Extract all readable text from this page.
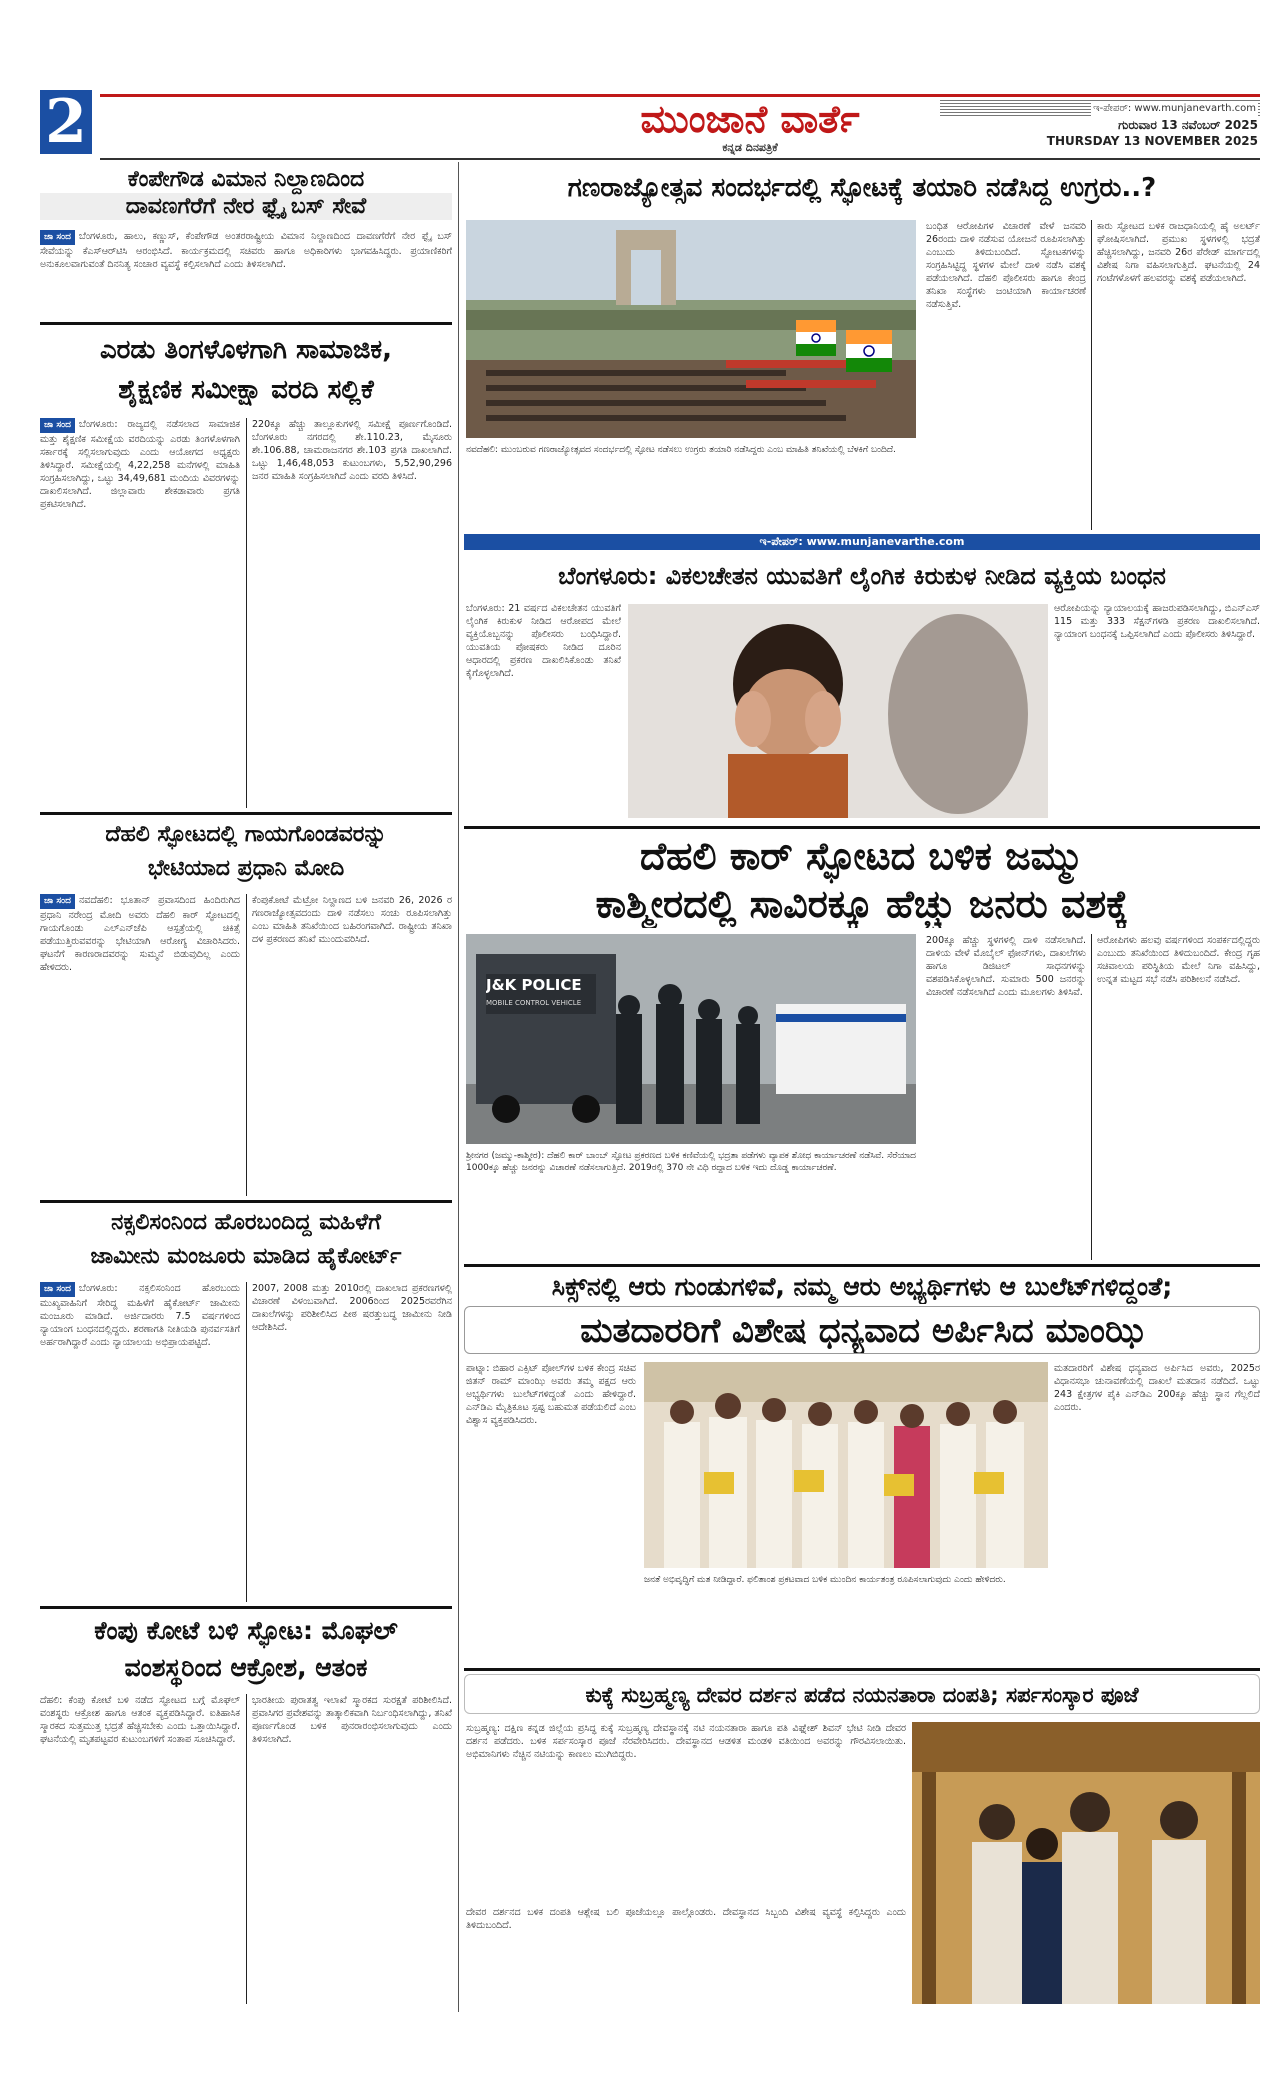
2	ಮುಂಜಾನೆ ವಾರ್ತೆ
ಕನ್ನಡ ದಿನಪತ್ರಿಕೆ
ಇ-ಪೇಪರ್: www.munjanevarth.com
ಗುರುವಾರ 13 ನವೆಂಬರ್ 2025
THURSDAY 13 NOVEMBER 2025
ಕೆಂಪೇಗೌಡ ವಿಮಾನ ನಿಲ್ದಾಣದಿಂದ
ದಾವಣಗೆರೆಗೆ ನೇರ ಫ್ಲೈ ಬಸ್ ಸೇವೆ
ಜಾ ಸಂದ ಬೆಂಗಳೂರು, ಹಾಲು, ಕಣ್ಣುಸ್, ಕೆಂಪೇಗೌಡ ಅಂತರರಾಷ್ಟ್ರೀಯ ವಿಮಾನ ನಿಲ್ದಾಣದಿಂದ ದಾವಣಗೆರೆಗೆ ನೇರ ಫ್ಲೈ ಬಸ್ ಸೇವೆಯನ್ನು ಕೆಎಸ್‌ಆರ್‌ಟಿಸಿ ಆರಂಭಿಸಿದೆ. ಕಾರ್ಯಕ್ರಮದಲ್ಲಿ ಸಚಿವರು ಹಾಗೂ ಅಧಿಕಾರಿಗಳು ಭಾಗವಹಿಸಿದ್ದರು. ಪ್ರಯಾಣಿಕರಿಗೆ ಅನುಕೂಲವಾಗುವಂತೆ ದಿನನಿತ್ಯ ಸಂಚಾರ ವ್ಯವಸ್ಥೆ ಕಲ್ಪಿಸಲಾಗಿದೆ ಎಂದು ತಿಳಿಸಲಾಗಿದೆ.
ಎರಡು ತಿಂಗಳೊಳಗಾಗಿ ಸಾಮಾಜಿಕ,
ಶೈಕ್ಷಣಿಕ ಸಮೀಕ್ಷಾ ವರದಿ ಸಲ್ಲಿಕೆ
ಜಾ ಸಂದ ಬೆಂಗಳೂರು: ರಾಜ್ಯದಲ್ಲಿ ನಡೆಸಲಾದ ಸಾಮಾಜಿಕ ಮತ್ತು ಶೈಕ್ಷಣಿಕ ಸಮೀಕ್ಷೆಯ ವರದಿಯನ್ನು ಎರಡು ತಿಂಗಳೊಳಗಾಗಿ ಸರ್ಕಾರಕ್ಕೆ ಸಲ್ಲಿಸಲಾಗುವುದು ಎಂದು ಆಯೋಗದ ಅಧ್ಯಕ್ಷರು ತಿಳಿಸಿದ್ದಾರೆ. ಸಮೀಕ್ಷೆಯಲ್ಲಿ 4,22,258 ಮನೆಗಳಲ್ಲಿ ಮಾಹಿತಿ ಸಂಗ್ರಹಿಸಲಾಗಿದ್ದು, ಒಟ್ಟು 34,49,681 ಮಂದಿಯ ವಿವರಗಳನ್ನು ದಾಖಲಿಸಲಾಗಿದೆ. ಜಿಲ್ಲಾವಾರು ಶೇಕಡಾವಾರು ಪ್ರಗತಿ ಪ್ರಕಟಿಸಲಾಗಿದೆ.
220ಕ್ಕೂ ಹೆಚ್ಚು ತಾಲ್ಲೂಕುಗಳಲ್ಲಿ ಸಮೀಕ್ಷೆ ಪೂರ್ಣಗೊಂಡಿದೆ. ಬೆಂಗಳೂರು ನಗರದಲ್ಲಿ ಶೇ.110.23, ಮೈಸೂರು ಶೇ.106.88, ಚಾಮರಾಜನಗರ ಶೇ.103 ಪ್ರಗತಿ ದಾಖಲಾಗಿದೆ. ಒಟ್ಟು 1,46,48,053 ಕುಟುಂಬಗಳು, 5,52,90,296 ಜನರ ಮಾಹಿತಿ ಸಂಗ್ರಹಿಸಲಾಗಿದೆ ಎಂದು ವರದಿ ತಿಳಿಸಿದೆ.
ದೆಹಲಿ ಸ್ಫೋಟದಲ್ಲಿ ಗಾಯಗೊಂಡವರನ್ನು
ಭೇಟಿಯಾದ ಪ್ರಧಾನಿ ಮೋದಿ
ಜಾ ಸಂದ ನವದೆಹಲಿ: ಭೂತಾನ್ ಪ್ರವಾಸದಿಂದ ಹಿಂದಿರುಗಿದ ಪ್ರಧಾನಿ ನರೇಂದ್ರ ಮೋದಿ ಅವರು ದೆಹಲಿ ಕಾರ್ ಸ್ಫೋಟದಲ್ಲಿ ಗಾಯಗೊಂಡು ಎಲ್‌ಎನ್‌ಜೆಪಿ ಆಸ್ಪತ್ರೆಯಲ್ಲಿ ಚಿಕಿತ್ಸೆ ಪಡೆಯುತ್ತಿರುವವರನ್ನು ಭೇಟಿಯಾಗಿ ಆರೋಗ್ಯ ವಿಚಾರಿಸಿದರು. ಘಟನೆಗೆ ಕಾರಣರಾದವರನ್ನು ಸುಮ್ಮನೆ ಬಿಡುವುದಿಲ್ಲ ಎಂದು ಹೇಳಿದರು.
ಕೆಂಪುಕೋಟೆ ಮೆಟ್ರೋ ನಿಲ್ದಾಣದ ಬಳಿ ಜನವರಿ 26, 2026 ರ ಗಣರಾಜ್ಯೋತ್ಸವದಂದು ದಾಳಿ ನಡೆಸಲು ಸಂಚು ರೂಪಿಸಲಾಗಿತ್ತು ಎಂಬ ಮಾಹಿತಿ ತನಿಖೆಯಿಂದ ಬಹಿರಂಗವಾಗಿದೆ. ರಾಷ್ಟ್ರೀಯ ತನಿಖಾ ದಳ ಪ್ರಕರಣದ ತನಿಖೆ ಮುಂದುವರಿಸಿದೆ.
ನಕ್ಸಲಿಸಂನಿಂದ ಹೊರಬಂದಿದ್ದ ಮಹಿಳೆಗೆ
ಜಾಮೀನು ಮಂಜೂರು ಮಾಡಿದ ಹೈಕೋರ್ಟ್
ಜಾ ಸಂದ ಬೆಂಗಳೂರು: ನಕ್ಸಲಿಸಂನಿಂದ ಹೊರಬಂದು ಮುಖ್ಯವಾಹಿನಿಗೆ ಸೇರಿದ್ದ ಮಹಿಳೆಗೆ ಹೈಕೋರ್ಟ್ ಜಾಮೀನು ಮಂಜೂರು ಮಾಡಿದೆ. ಅರ್ಜಿದಾರರು 7.5 ವರ್ಷಗಳಿಂದ ನ್ಯಾಯಾಂಗ ಬಂಧನದಲ್ಲಿದ್ದರು. ಶರಣಾಗತಿ ನೀತಿಯಡಿ ಪುನರ್ವಸತಿಗೆ ಅರ್ಹರಾಗಿದ್ದಾರೆ ಎಂದು ನ್ಯಾಯಾಲಯ ಅಭಿಪ್ರಾಯಪಟ್ಟಿದೆ.
2007, 2008 ಮತ್ತು 2010ರಲ್ಲಿ ದಾಖಲಾದ ಪ್ರಕರಣಗಳಲ್ಲಿ ವಿಚಾರಣೆ ವಿಳಂಬವಾಗಿದೆ. 2006ರಿಂದ 2025ರವರೆಗಿನ ದಾಖಲೆಗಳನ್ನು ಪರಿಶೀಲಿಸಿದ ಪೀಠ ಷರತ್ತುಬದ್ಧ ಜಾಮೀನು ನೀಡಿ ಆದೇಶಿಸಿದೆ.
ಕೆಂಪು ಕೋಟೆ ಬಳಿ ಸ್ಫೋಟ: ಮೊಘಲ್
ವಂಶಸ್ಥರಿಂದ ಆಕ್ರೋಶ, ಆತಂಕ
ದೆಹಲಿ: ಕೆಂಪು ಕೋಟೆ ಬಳಿ ನಡೆದ ಸ್ಫೋಟದ ಬಗ್ಗೆ ಮೊಘಲ್ ವಂಶಸ್ಥರು ಆಕ್ರೋಶ ಹಾಗೂ ಆತಂಕ ವ್ಯಕ್ತಪಡಿಸಿದ್ದಾರೆ. ಐತಿಹಾಸಿಕ ಸ್ಮಾರಕದ ಸುತ್ತಮುತ್ತ ಭದ್ರತೆ ಹೆಚ್ಚಿಸಬೇಕು ಎಂದು ಒತ್ತಾಯಿಸಿದ್ದಾರೆ. ಘಟನೆಯಲ್ಲಿ ಮೃತಪಟ್ಟವರ ಕುಟುಂಬಗಳಿಗೆ ಸಂತಾಪ ಸೂಚಿಸಿದ್ದಾರೆ.
ಭಾರತೀಯ ಪುರಾತತ್ವ ಇಲಾಖೆ ಸ್ಮಾರಕದ ಸುರಕ್ಷತೆ ಪರಿಶೀಲಿಸಿದೆ. ಪ್ರವಾಸಿಗರ ಪ್ರವೇಶವನ್ನು ತಾತ್ಕಾಲಿಕವಾಗಿ ನಿರ್ಬಂಧಿಸಲಾಗಿದ್ದು, ತನಿಖೆ ಪೂರ್ಣಗೊಂಡ ಬಳಿಕ ಪುನರಾರಂಭಿಸಲಾಗುವುದು ಎಂದು ತಿಳಿಸಲಾಗಿದೆ.
ಗಣರಾಜ್ಯೋತ್ಸವ ಸಂದರ್ಭದಲ್ಲಿ ಸ್ಫೋಟಕ್ಕೆ ತಯಾರಿ ನಡೆಸಿದ್ದ ಉಗ್ರರು..?
ನವದೆಹಲಿ: ಮುಂಬರುವ ಗಣರಾಜ್ಯೋತ್ಸವದ ಸಂದರ್ಭದಲ್ಲಿ ಸ್ಫೋಟ ನಡೆಸಲು ಉಗ್ರರು ತಯಾರಿ ನಡೆಸಿದ್ದರು ಎಂಬ ಮಾಹಿತಿ ತನಿಖೆಯಲ್ಲಿ ಬೆಳಕಿಗೆ ಬಂದಿದೆ.
ಬಂಧಿತ ಆರೋಪಿಗಳ ವಿಚಾರಣೆ ವೇಳೆ ಜನವರಿ 26ರಂದು ದಾಳಿ ನಡೆಸುವ ಯೋಜನೆ ರೂಪಿಸಲಾಗಿತ್ತು ಎಂಬುದು ತಿಳಿದುಬಂದಿದೆ. ಸ್ಫೋಟಕಗಳನ್ನು ಸಂಗ್ರಹಿಸಿಟ್ಟಿದ್ದ ಸ್ಥಳಗಳ ಮೇಲೆ ದಾಳಿ ನಡೆಸಿ ವಶಕ್ಕೆ ಪಡೆಯಲಾಗಿದೆ. ದೆಹಲಿ ಪೊಲೀಸರು ಹಾಗೂ ಕೇಂದ್ರ ತನಿಖಾ ಸಂಸ್ಥೆಗಳು ಜಂಟಿಯಾಗಿ ಕಾರ್ಯಾಚರಣೆ ನಡೆಸುತ್ತಿವೆ.
ಕಾರು ಸ್ಫೋಟದ ಬಳಿಕ ರಾಜಧಾನಿಯಲ್ಲಿ ಹೈ ಅಲರ್ಟ್ ಘೋಷಿಸಲಾಗಿದೆ. ಪ್ರಮುಖ ಸ್ಥಳಗಳಲ್ಲಿ ಭದ್ರತೆ ಹೆಚ್ಚಿಸಲಾಗಿದ್ದು, ಜನವರಿ 26ರ ಪೆರೇಡ್ ಮಾರ್ಗದಲ್ಲಿ ವಿಶೇಷ ನಿಗಾ ವಹಿಸಲಾಗುತ್ತಿದೆ. ಘಟನೆಯಲ್ಲಿ 24 ಗಂಟೆಗಳೊಳಗೆ ಹಲವರನ್ನು ವಶಕ್ಕೆ ಪಡೆಯಲಾಗಿದೆ.
ಇ-ಪೇಪರ್: www.munjanevarthe.com
ಬೆಂಗಳೂರು: ವಿಕಲಚೇತನ ಯುವತಿಗೆ ಲೈಂಗಿಕ ಕಿರುಕುಳ ನೀಡಿದ ವ್ಯಕ್ತಿಯ ಬಂಧನ
ಬೆಂಗಳೂರು: 21 ವರ್ಷದ ವಿಕಲಚೇತನ ಯುವತಿಗೆ ಲೈಂಗಿಕ ಕಿರುಕುಳ ನೀಡಿದ ಆರೋಪದ ಮೇಲೆ ವ್ಯಕ್ತಿಯೊಬ್ಬನನ್ನು ಪೊಲೀಸರು ಬಂಧಿಸಿದ್ದಾರೆ. ಯುವತಿಯ ಪೋಷಕರು ನೀಡಿದ ದೂರಿನ ಆಧಾರದಲ್ಲಿ ಪ್ರಕರಣ ದಾಖಲಿಸಿಕೊಂಡು ತನಿಖೆ ಕೈಗೊಳ್ಳಲಾಗಿದೆ.
ಆರೋಪಿಯನ್ನು ನ್ಯಾಯಾಲಯಕ್ಕೆ ಹಾಜರುಪಡಿಸಲಾಗಿದ್ದು, ಬಿಎನ್‌ಎಸ್ 115 ಮತ್ತು 333 ಸೆಕ್ಷನ್‌ಗಳಡಿ ಪ್ರಕರಣ ದಾಖಲಿಸಲಾಗಿದೆ. ನ್ಯಾಯಾಂಗ ಬಂಧನಕ್ಕೆ ಒಪ್ಪಿಸಲಾಗಿದೆ ಎಂದು ಪೊಲೀಸರು ತಿಳಿಸಿದ್ದಾರೆ.
ದೆಹಲಿ ಕಾರ್ ಸ್ಫೋಟದ ಬಳಿಕ ಜಮ್ಮು
ಕಾಶ್ಮೀರದಲ್ಲಿ ಸಾವಿರಕ್ಕೂ ಹೆಚ್ಚು ಜನರು ವಶಕ್ಕೆ
J&K POLICE
MOBILE CONTROL VEHICLE
ಶ್ರೀನಗರ (ಜಮ್ಮು-ಕಾಶ್ಮೀರ): ದೆಹಲಿ ಕಾರ್ ಬಾಂಬ್ ಸ್ಫೋಟ ಪ್ರಕರಣದ ಬಳಿಕ ಕಣಿವೆಯಲ್ಲಿ ಭದ್ರತಾ ಪಡೆಗಳು ವ್ಯಾಪಕ ಶೋಧ ಕಾರ್ಯಾಚರಣೆ ನಡೆಸಿವೆ. ಸೆರೆಯಾದ 1000ಕ್ಕೂ ಹೆಚ್ಚು ಜನರನ್ನು ವಿಚಾರಣೆ ನಡೆಸಲಾಗುತ್ತಿದೆ. 2019ರಲ್ಲಿ 370 ನೇ ವಿಧಿ ರದ್ದಾದ ಬಳಿಕ ಇದು ದೊಡ್ಡ ಕಾರ್ಯಾಚರಣೆ.
200ಕ್ಕೂ ಹೆಚ್ಚು ಸ್ಥಳಗಳಲ್ಲಿ ದಾಳಿ ನಡೆಸಲಾಗಿದೆ. ದಾಳಿಯ ವೇಳೆ ಮೊಬೈಲ್ ಫೋನ್‌ಗಳು, ದಾಖಲೆಗಳು ಹಾಗೂ ಡಿಜಿಟಲ್ ಸಾಧನಗಳನ್ನು ವಶಪಡಿಸಿಕೊಳ್ಳಲಾಗಿದೆ. ಸುಮಾರು 500 ಜನರನ್ನು ವಿಚಾರಣೆ ನಡೆಸಲಾಗಿದೆ ಎಂದು ಮೂಲಗಳು ತಿಳಿಸಿವೆ.
ಆರೋಪಿಗಳು ಹಲವು ವರ್ಷಗಳಿಂದ ಸಂಪರ್ಕದಲ್ಲಿದ್ದರು ಎಂಬುದು ತನಿಖೆಯಿಂದ ತಿಳಿದುಬಂದಿದೆ. ಕೇಂದ್ರ ಗೃಹ ಸಚಿವಾಲಯ ಪರಿಸ್ಥಿತಿಯ ಮೇಲೆ ನಿಗಾ ವಹಿಸಿದ್ದು, ಉನ್ನತ ಮಟ್ಟದ ಸಭೆ ನಡೆಸಿ ಪರಿಶೀಲನೆ ನಡೆಸಿದೆ.
ಸಿಕ್ಸ್‌ನಲ್ಲಿ ಆರು ಗುಂಡುಗಳಿವೆ, ನಮ್ಮ ಆರು ಅಭ್ಯರ್ಥಿಗಳು ಆ ಬುಲೆಟ್‌ಗಳಿದ್ದಂತೆ;
ಮತದಾರರಿಗೆ ವಿಶೇಷ ಧನ್ಯವಾದ ಅರ್ಪಿಸಿದ ಮಾಂಝಿ
ಪಾಟ್ನಾ: ಬಿಹಾರ ಎಕ್ಸಿಟ್ ಪೋಲ್‌ಗಳ ಬಳಿಕ ಕೇಂದ್ರ ಸಚಿವ ಜಿತನ್ ರಾಮ್ ಮಾಂಝಿ ಅವರು ತಮ್ಮ ಪಕ್ಷದ ಆರು ಅಭ್ಯರ್ಥಿಗಳು ಬುಲೆಟ್‌ಗಳಿದ್ದಂತೆ ಎಂದು ಹೇಳಿದ್ದಾರೆ. ಎನ್‌ಡಿಎ ಮೈತ್ರಿಕೂಟ ಸ್ಪಷ್ಟ ಬಹುಮತ ಪಡೆಯಲಿದೆ ಎಂಬ ವಿಶ್ವಾಸ ವ್ಯಕ್ತಪಡಿಸಿದರು.
ಜನತೆ ಅಭಿವೃದ್ಧಿಗೆ ಮತ ನೀಡಿದ್ದಾರೆ. ಫಲಿತಾಂಶ ಪ್ರಕಟವಾದ ಬಳಿಕ ಮುಂದಿನ ಕಾರ್ಯತಂತ್ರ ರೂಪಿಸಲಾಗುವುದು ಎಂದು ಹೇಳಿದರು.
ಮತದಾರರಿಗೆ ವಿಶೇಷ ಧನ್ಯವಾದ ಅರ್ಪಿಸಿದ ಅವರು, 2025ರ ವಿಧಾನಸಭಾ ಚುನಾವಣೆಯಲ್ಲಿ ದಾಖಲೆ ಮತದಾನ ನಡೆದಿದೆ. ಒಟ್ಟು 243 ಕ್ಷೇತ್ರಗಳ ಪೈಕಿ ಎನ್‌ಡಿಎ 200ಕ್ಕೂ ಹೆಚ್ಚು ಸ್ಥಾನ ಗೆಲ್ಲಲಿದೆ ಎಂದರು.
ಕುಕ್ಕೆ ಸುಬ್ರಹ್ಮಣ್ಯ ದೇವರ ದರ್ಶನ ಪಡೆದ ನಯನತಾರಾ ದಂಪತಿ; ಸರ್ಪಸಂಸ್ಕಾರ ಪೂಜೆ
ಸುಬ್ರಹ್ಮಣ್ಯ: ದಕ್ಷಿಣ ಕನ್ನಡ ಜಿಲ್ಲೆಯ ಪ್ರಸಿದ್ಧ ಕುಕ್ಕೆ ಸುಬ್ರಹ್ಮಣ್ಯ ದೇವಸ್ಥಾನಕ್ಕೆ ನಟಿ ನಯನತಾರಾ ಹಾಗೂ ಪತಿ ವಿಘ್ನೇಶ್ ಶಿವನ್ ಭೇಟಿ ನೀಡಿ ದೇವರ ದರ್ಶನ ಪಡೆದರು. ಬಳಿಕ ಸರ್ಪಸಂಸ್ಕಾರ ಪೂಜೆ ನೆರವೇರಿಸಿದರು. ದೇವಸ್ಥಾನದ ಆಡಳಿತ ಮಂಡಳಿ ವತಿಯಿಂದ ಅವರನ್ನು ಗೌರವಿಸಲಾಯಿತು. ಅಭಿಮಾನಿಗಳು ನೆಚ್ಚಿನ ನಟಿಯನ್ನು ಕಾಣಲು ಮುಗಿಬಿದ್ದರು.
ದೇವರ ದರ್ಶನದ ಬಳಿಕ ದಂಪತಿ ಆಶ್ಲೇಷ ಬಲಿ ಪೂಜೆಯಲ್ಲೂ ಪಾಲ್ಗೊಂಡರು. ದೇವಸ್ಥಾನದ ಸಿಬ್ಬಂದಿ ವಿಶೇಷ ವ್ಯವಸ್ಥೆ ಕಲ್ಪಿಸಿದ್ದರು ಎಂದು ತಿಳಿದುಬಂದಿದೆ.
